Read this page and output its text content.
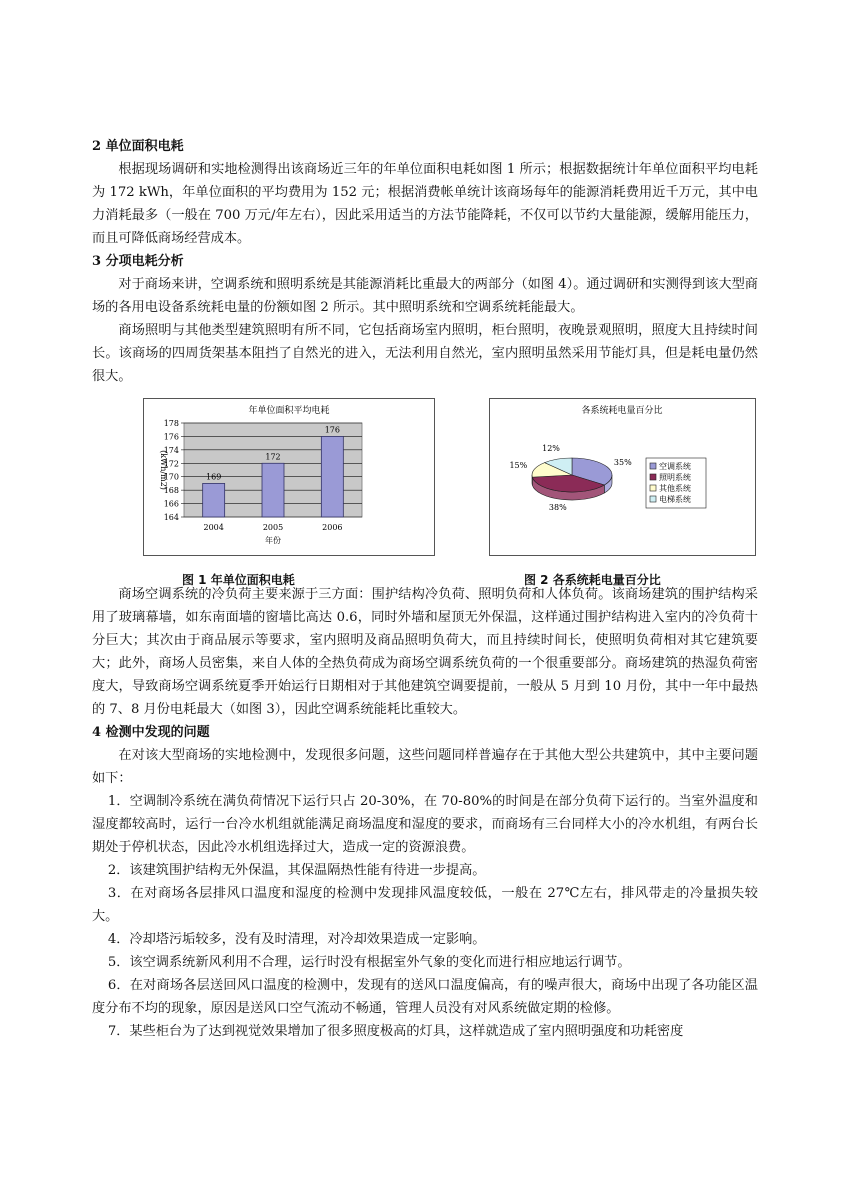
2 单位面积电耗

根据现场调研和实地检测得出该商场近三年的年单位面积电耗如图 1 所示；根据数据统计年单位面积平均电耗为 172 kWh，年单位面积的平均费用为 152 元；根据消费帐单统计该商场每年的能源消耗费用近千万元，其中电力消耗最多（一般在 700 万元/年左右），因此采用适当的方法节能降耗，不仅可以节约大量能源，缓解用能压力，而且可降低商场经营成本。

3 分项电耗分析

对于商场来讲，空调系统和照明系统是其能源消耗比重最大的两部分（如图 4）。通过调研和实测得到该大型商场的各用电设备系统耗电量的份额如图 2 所示。其中照明系统和空调系统耗能最大。

商场照明与其他类型建筑照明有所不同，它包括商场室内照明，柜台照明，夜晚景观照明，照度大且持续时间长。该商场的四周货架基本阻挡了自然光的进入，无法利用自然光，室内照明虽然采用节能灯具，但是耗电量仍然很大。

年单位面积平均电耗
164
166
168
170
172
174
176
178
169
2004
172
2005
176
2006
年份
(kWh/m2)
各系统耗电量百分比
35%
38%
15%
12%
空调系统
照明系统
其他系统
电梯系统
图 1 年单位面积电耗	图 2 各系统耗电量百分比

商场空调系统的冷负荷主要来源于三方面：围护结构冷负荷、照明负荷和人体负荷。该商场建筑的围护结构采用了玻璃幕墙，如东南面墙的窗墙比高达 0.6，同时外墙和屋顶无外保温，这样通过围护结构进入室内的冷负荷十分巨大；其次由于商品展示等要求，室内照明及商品照明负荷大，而且持续时间长，使照明负荷相对其它建筑要大；此外，商场人员密集，来自人体的全热负荷成为商场空调系统负荷的一个很重要部分。商场建筑的热湿负荷密度大，导致商场空调系统夏季开始运行日期相对于其他建筑空调要提前，一般从 5 月到 10 月份，其中一年中最热的 7、8 月份电耗最大（如图 3），因此空调系统能耗比重较大。

4 检测中发现的问题

在对该大型商场的实地检测中，发现很多问题，这些问题同样普遍存在于其他大型公共建筑中，其中主要问题如下：

1．空调制冷系统在满负荷情况下运行只占 20-30%，在 70-80%的时间是在部分负荷下运行的。当室外温度和湿度都较高时，运行一台冷水机组就能满足商场温度和湿度的要求，而商场有三台同样大小的冷水机组，有两台长期处于停机状态，因此冷水机组选择过大，造成一定的资源浪费。

2．该建筑围护结构无外保温，其保温隔热性能有待进一步提高。

3．在对商场各层排风口温度和湿度的检测中发现排风温度较低，一般在 27℃左右，排风带走的冷量损失较大。

4．冷却塔污垢较多，没有及时清理，对冷却效果造成一定影响。

5．该空调系统新风利用不合理，运行时没有根据室外气象的变化而进行相应地运行调节。

6．在对商场各层送回风口温度的检测中，发现有的送风口温度偏高，有的噪声很大，商场中出现了各功能区温度分布不均的现象，原因是送风口空气流动不畅通，管理人员没有对风系统做定期的检修。

7．某些柜台为了达到视觉效果增加了很多照度极高的灯具，这样就造成了室内照明强度和功耗密度
